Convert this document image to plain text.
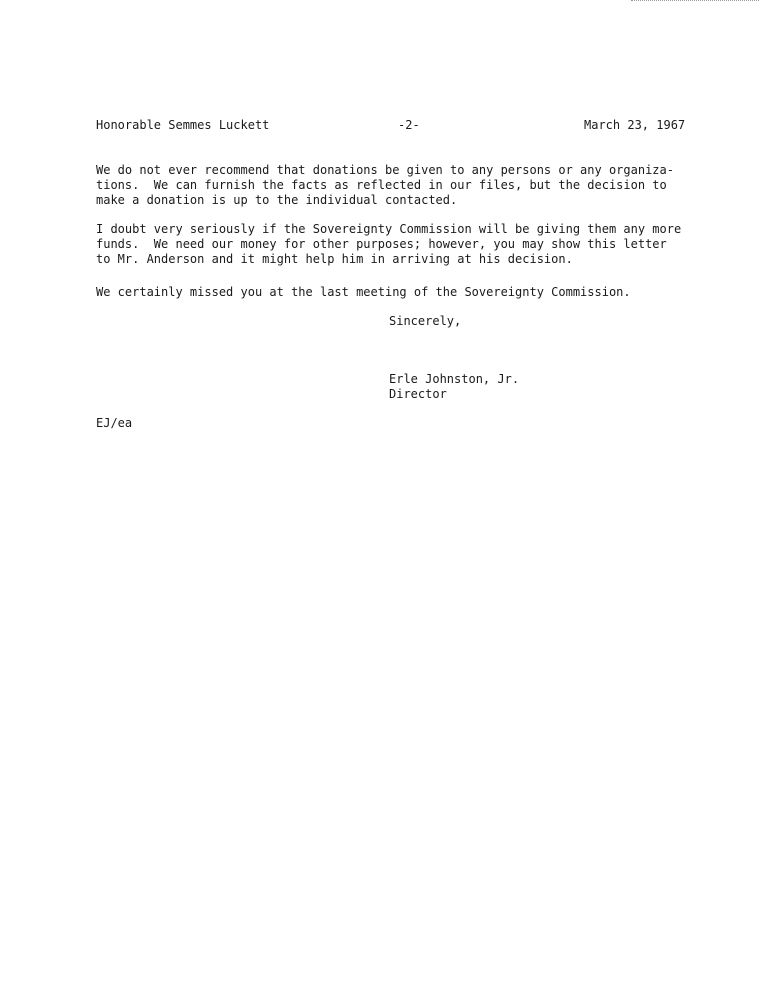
Honorable Semmes Luckett	-2-	March 23, 1967
We do not ever recommend that donations be given to any persons or any organiza-
tions.  We can furnish the facts as reflected in our files, but the decision to
make a donation is up to the individual contacted.
I doubt very seriously if the Sovereignty Commission will be giving them any more
funds.  We need our money for other purposes; however, you may show this letter
to Mr. Anderson and it might help him in arriving at his decision.
We certainly missed you at the last meeting of the Sovereignty Commission.
Sincerely,
Erle Johnston, Jr.
Director
EJ/ea
